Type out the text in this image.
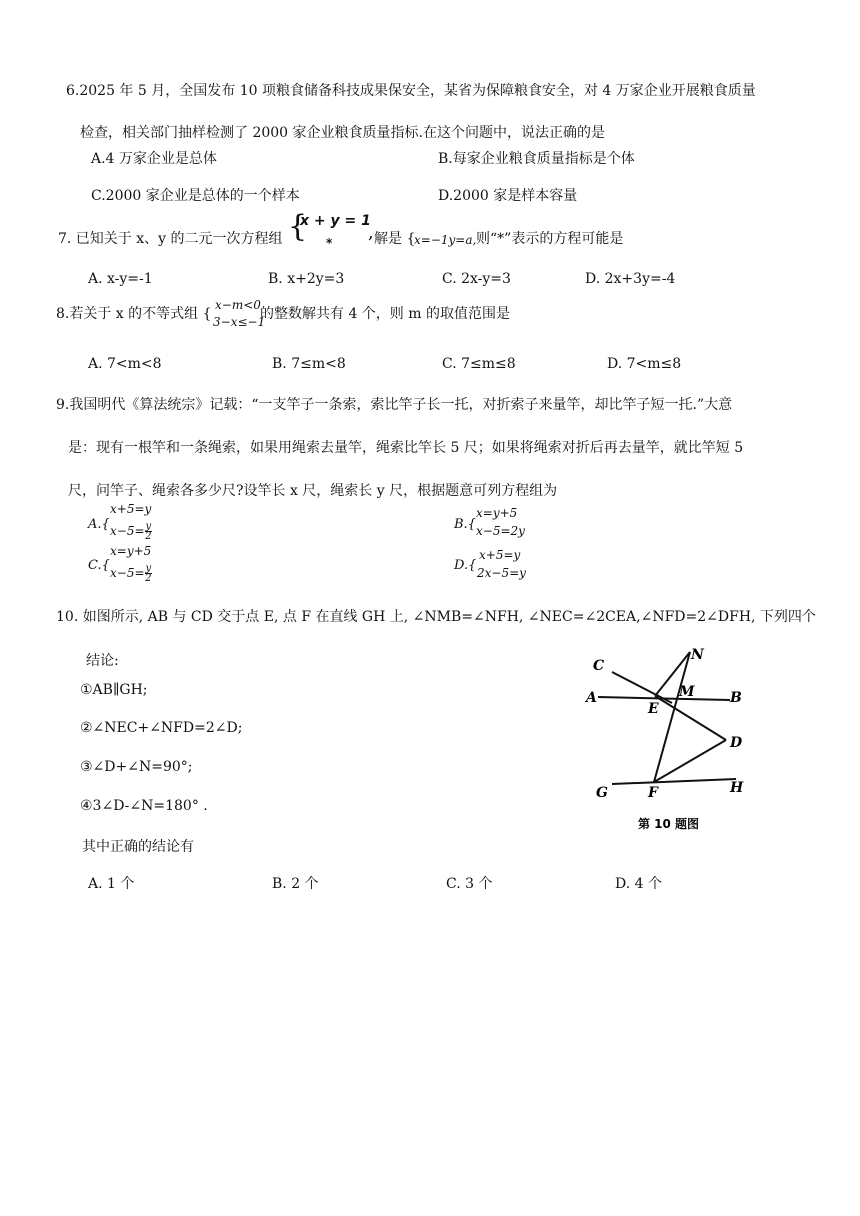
6.2025 年 5 月，全国发布 10 项粮食储备科技成果保安全，某省为保障粮食安全，对 4 万家企业开展粮食质量
检查，相关部门抽样检测了 2000 家企业粮食质量指标.在这个问题中，说法正确的是
A.4 万家企业是总体	B.每家企业粮食质量指标是个体
C.2000 家企业是总体的一个样本	D.2000 家是样本容量
7. 已知关于 x、y 的二元一次方程组 {
x + y = 1
* , 解是 {
x=−1y=a, 则“*”表示的方程可能是
A. x-y=-1	B. x+2y=3	C. 2x-y=3	D. 2x+3y=-4
8.若关于 x 的不等式组 {
x−m<0
3−x≤−1
的整数解共有 4 个，则 m 的取值范围是
A. 7<m<8	B. 7≤m<8	C. 7≤m≤8	D. 7<m≤8
9.我国明代《算法统宗》记载：“一支竿子一条索，索比竿子长一托，对折索子来量竿，却比竿子短一托.”大意
是：现有一根竿和一条绳索，如果用绳索去量竿，绳索比竿长 5 尺；如果将绳索对折后再去量竿，就比竿短 5
尺，问竿子、绳索各多少尺?设竿长 x 尺，绳索长 y 尺，根据题意可列方程组为
A.{
x+5=y
$x-5= \frac{y}{2}$	B.{
x=y+5
x−5=2y
C.{
x=y+5
$x-5= \frac{y}{2}$	D.{
x+5=y
2x−5=y
10. 如图所示, AB 与 CD 交于点 E, 点 F 在直线 GH 上, ∠NMB=∠NFH, ∠NEC=∠2CEA,∠NFD=2∠DFH, 下列四个
结论:
①AB∥GH;
②∠NEC+∠NFD=2∠D;
③∠D+∠N=90°;
④3∠D-∠N=180° .
其中正确的结论有
A. 1 个	B. 2 个	C. 3 个	D. 4 个
C
N
A
E
M	B
D
G	F	H
第 10 题图
